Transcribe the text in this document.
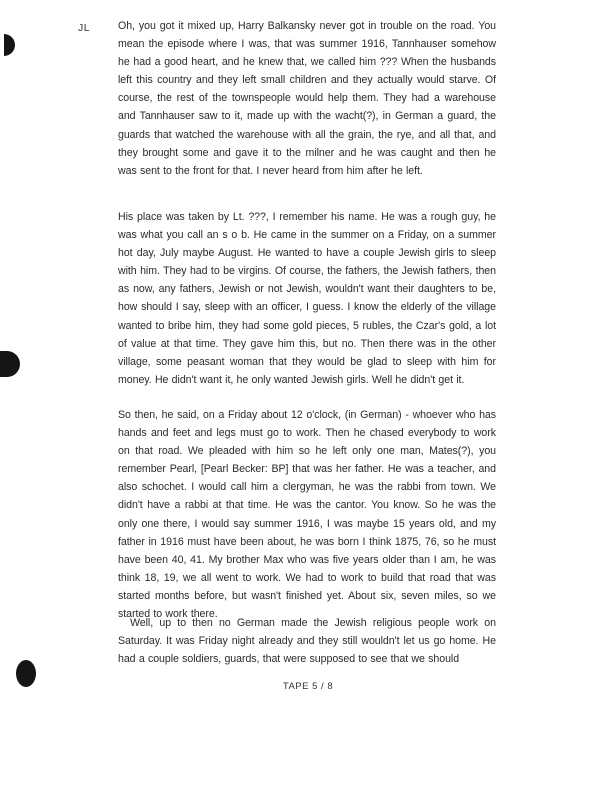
JL	Oh, you got it mixed up, Harry Balkansky never got in trouble on the road. You mean the episode where I was, that was summer 1916, Tannhauser somehow he had a good heart, and he knew that, we called him ??? When the husbands left this country and they left small children and they actually would starve. Of course, the rest of the townspeople would help them. They had a warehouse and Tannhauser saw to it, made up with the wacht(?), in German a guard, the guards that watched the warehouse with all the grain, the rye, and all that, and they brought some and gave it to the milner and he was caught and then he was sent to the front for that. I never heard from him after he left.

His place was taken by Lt. ???, I remember his name. He was a rough guy, he was what you call an s o b. He came in the summer on a Friday, on a summer hot day, July maybe August. He wanted to have a couple Jewish girls to sleep with him. They had to be virgins. Of course, the fathers, the Jewish fathers, then as now, any fathers, Jewish or not Jewish, wouldn't want their daughters to be, how should I say, sleep with an officer, I guess. I know the elderly of the village wanted to bribe him, they had some gold pieces, 5 rubles, the Czar's gold, a lot of value at that time. They gave him this, but no. Then there was in the other village, some peasant woman that they would be glad to sleep with him for money. He didn't want it, he only wanted Jewish girls. Well he didn't get it.

So then, he said, on a Friday about 12 o'clock, (in German) - whoever who has hands and feet and legs must go to work. Then he chased everybody to work on that road. We pleaded with him so he left only one man, Mates(?), you remember Pearl, [Pearl Becker: BP] that was her father. He was a teacher, and also schochet. I would call him a clergyman, he was the rabbi from town. We didn't have a rabbi at that time. He was the cantor. You know. So he was the only one there, I would say summer 1916, I was maybe 15 years old, and my father in 1916 must have been about, he was born I think 1875, 76, so he must have been 40, 41. My brother Max who was five years older than I am, he was think 18, 19, we all went to work. We had to work to build that road that was started months before, but wasn't finished yet. About six, seven miles, so we started to work there.

Well, up to then no German made the Jewish religious people work on Saturday. It was Friday night already and they still wouldn't let us go home. He had a couple soldiers, guards, that were supposed to see that we should

TAPE 5 / 8
